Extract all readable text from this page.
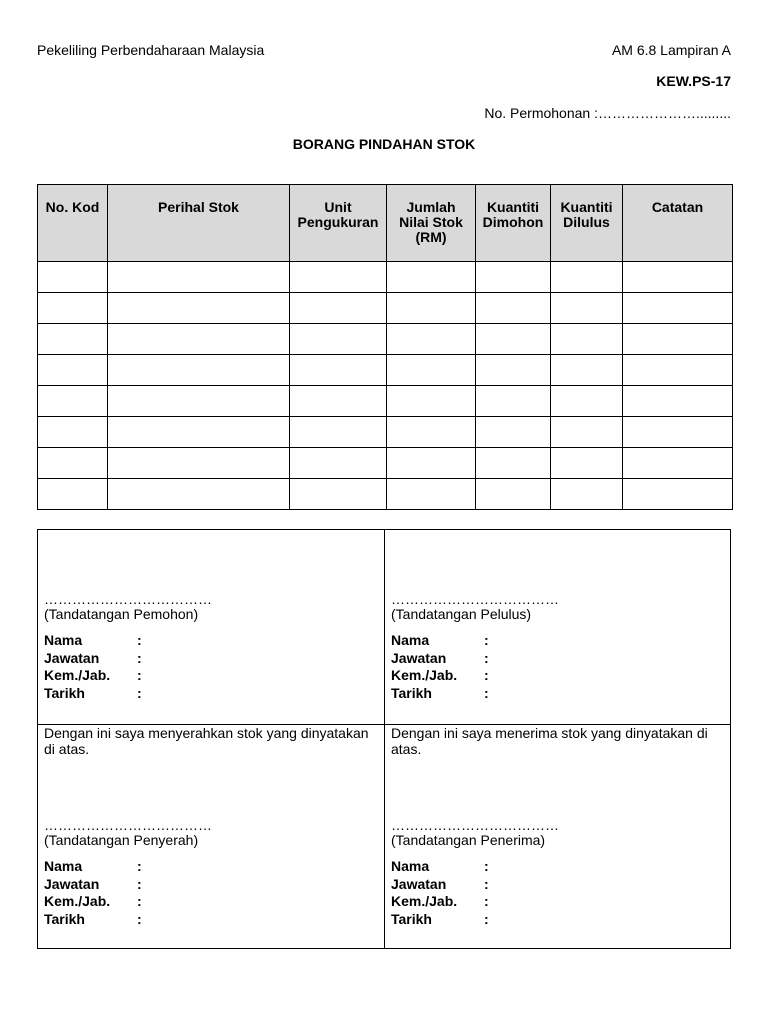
Pekeliling Perbendaharaan Malaysia	AM 6.8 Lampiran A
KEW.PS-17
No. Permohonan :………………….........
BORANG PINDAHAN STOK
No. Kod	Perihal Stok	Unit Pengukuran	Jumlah Nilai Stok (RM)	Kuantiti Dimohon	Kuantiti Dilulus	Catatan

………………………………
(Tandatangan Pemohon)
Nama	:
Jawatan	:
Kem./Jab.	:
Tarikh	:
………………………………
(Tandatangan Pelulus)
Nama	:
Jawatan	:
Kem./Jab.	:
Tarikh	:
Dengan ini saya menyerahkan stok yang dinyatakan di atas.
………………………………
(Tandatangan Penyerah)
Nama	:
Jawatan	:
Kem./Jab.	:
Tarikh	:
Dengan ini saya menerima stok yang dinyatakan di atas.
………………………………
(Tandatangan Penerima)
Nama	:
Jawatan	:
Kem./Jab.	:
Tarikh	:
